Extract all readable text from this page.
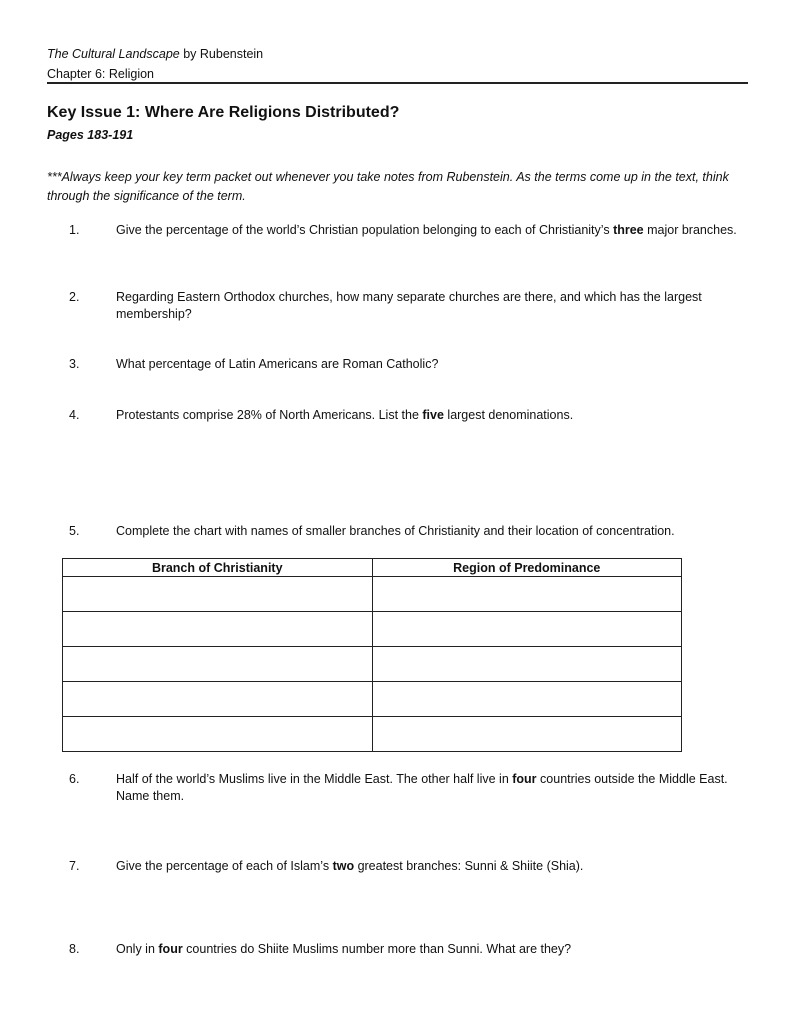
The Cultural Landscape by Rubenstein
Chapter 6: Religion
Key Issue 1: Where Are Religions Distributed?
Pages 183-191
***Always keep your key term packet out whenever you take notes from Rubenstein. As the terms come up in the text, think through the significance of the term.
1.	Give the percentage of the world’s Christian population belonging to each of Christianity’s three major branches.
2.	Regarding Eastern Orthodox churches, how many separate churches are there, and which has the largest membership?
3.	What percentage of Latin Americans are Roman Catholic?
4.	Protestants comprise 28% of North Americans. List the five largest denominations.
5.	Complete the chart with names of smaller branches of Christianity and their location of concentration.
Branch of Christianity	Region of Predominance

6.	Half of the world’s Muslims live in the Middle East. The other half live in four countries outside the Middle East. Name them.
7.	Give the percentage of each of Islam’s two greatest branches: Sunni & Shiite (Shia).
8.	Only in four countries do Shiite Muslims number more than Sunni. What are they?
